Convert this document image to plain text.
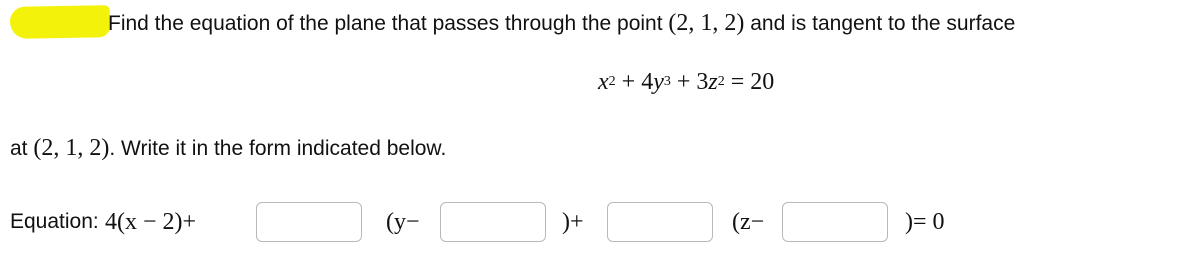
Find the equation of the plane that passes through the point (2, 1, 2) and is tangent to the surface
$x^2 + 4y^3 + 3z^2 = 20$
at (2, 1, 2). Write it in the form indicated below.
Equation: 4(x − 2)+	(y−	)+	(z−	)= 0
